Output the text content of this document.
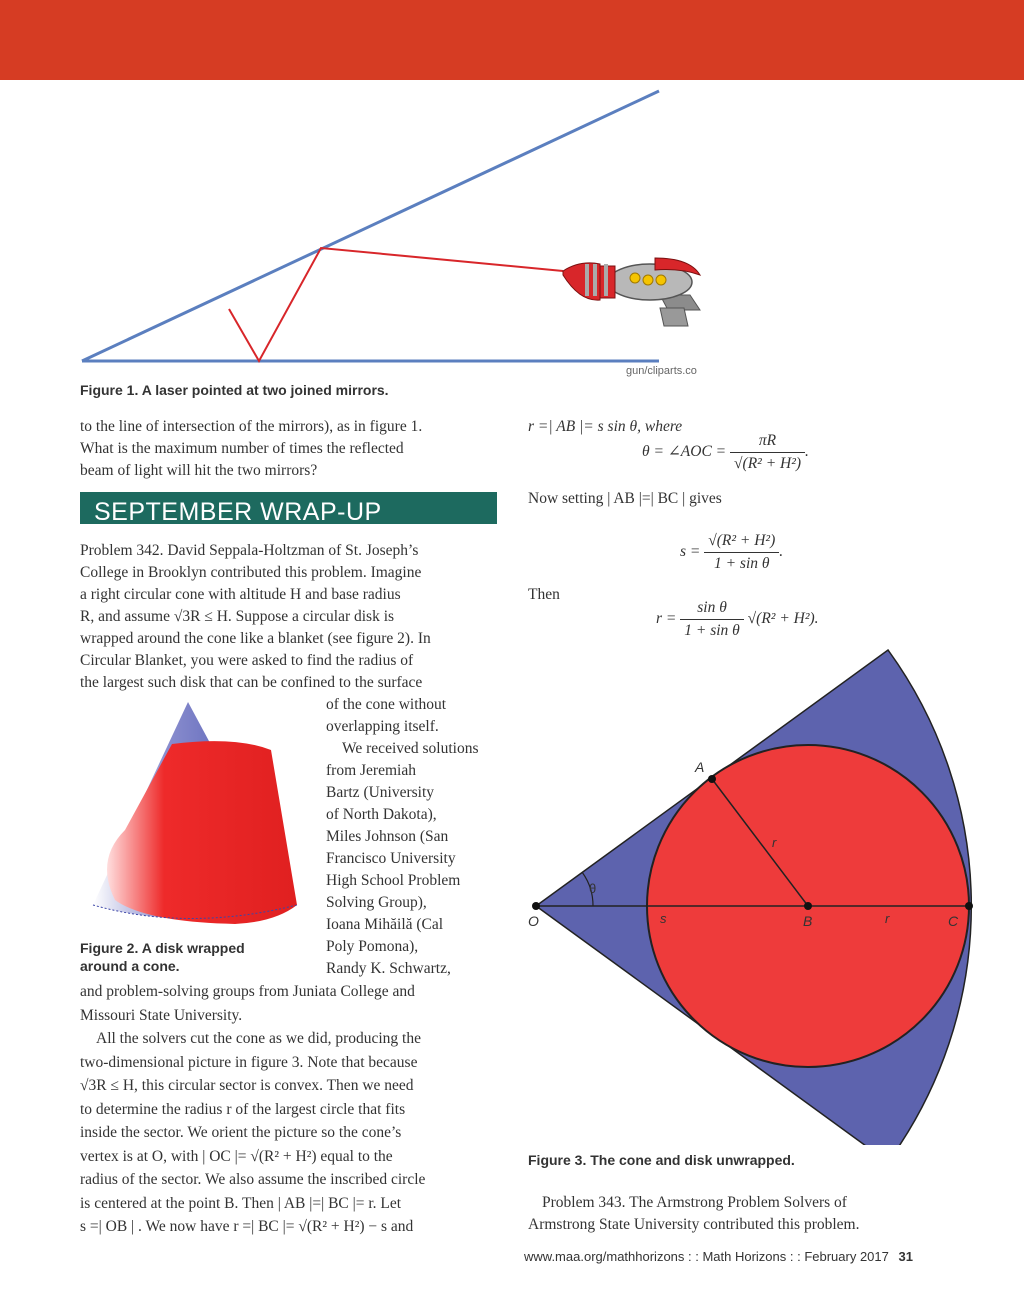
gun/cliparts.co
Figure 1. A laser pointed at two joined mirrors.
to the line of intersection of the mirrors), as in figure 1.
What is the maximum number of times the reflected
beam of light will hit the two mirrors?
SEPTEMBER WRAP-UP
Problem 342. David Seppala-Holtzman of St. Joseph’s
College in Brooklyn contributed this problem. Imagine
a right circular cone with altitude H and base radius
R, and assume √3R ≤ H. Suppose a circular disk is
wrapped around the cone like a blanket (see figure 2). In
Circular Blanket, you were asked to find the radius of
the largest such disk that can be confined to the surface
of the cone without
overlapping itself.
We received solutions
from Jeremiah
Bartz (University
of North Dakota),
Miles Johnson (San
Francisco University
High School Problem
Solving Group),
Ioana Mihăilă (Cal
Poly Pomona),
Randy K. Schwartz,
Figure 2. A disk wrapped
around a cone.
and problem-solving groups from Juniata College and
Missouri State University.
All the solvers cut the cone as we did, producing the
two-dimensional picture in figure 3. Note that because
√3R ≤ H, this circular sector is convex. Then we need
to determine the radius r of the largest circle that fits
inside the sector. We orient the picture so the cone’s
vertex is at O, with | OC |= √(R² + H²) equal to the
radius of the sector. We also assume the inscribed circle
is centered at the point B. Then | AB |=| BC |= r. Let
s =| OB | . We now have r =| BC |= √(R² + H²) − s and
r =| AB |= s sin θ, where
θ = ∠AOC = $\frac{\pi R}{\text{√(R² + H²)}}$ .
Now setting | AB |=| BC | gives
$s = \frac{\text{√(R² + H²)}}{\text{1 + sin θ}}$ .
Then
$r = \frac{\text{sin θ}}{\text{1 + sin θ}} √(R^2 + H^2)$.
A
r
θ
O	s	B	r	C
Figure 3. The cone and disk unwrapped.
Problem 343. The Armstrong Problem Solvers of
Armstrong State University contributed this problem.
www.maa.org/mathhorizons : : Math Horizons : : February 2017 31
